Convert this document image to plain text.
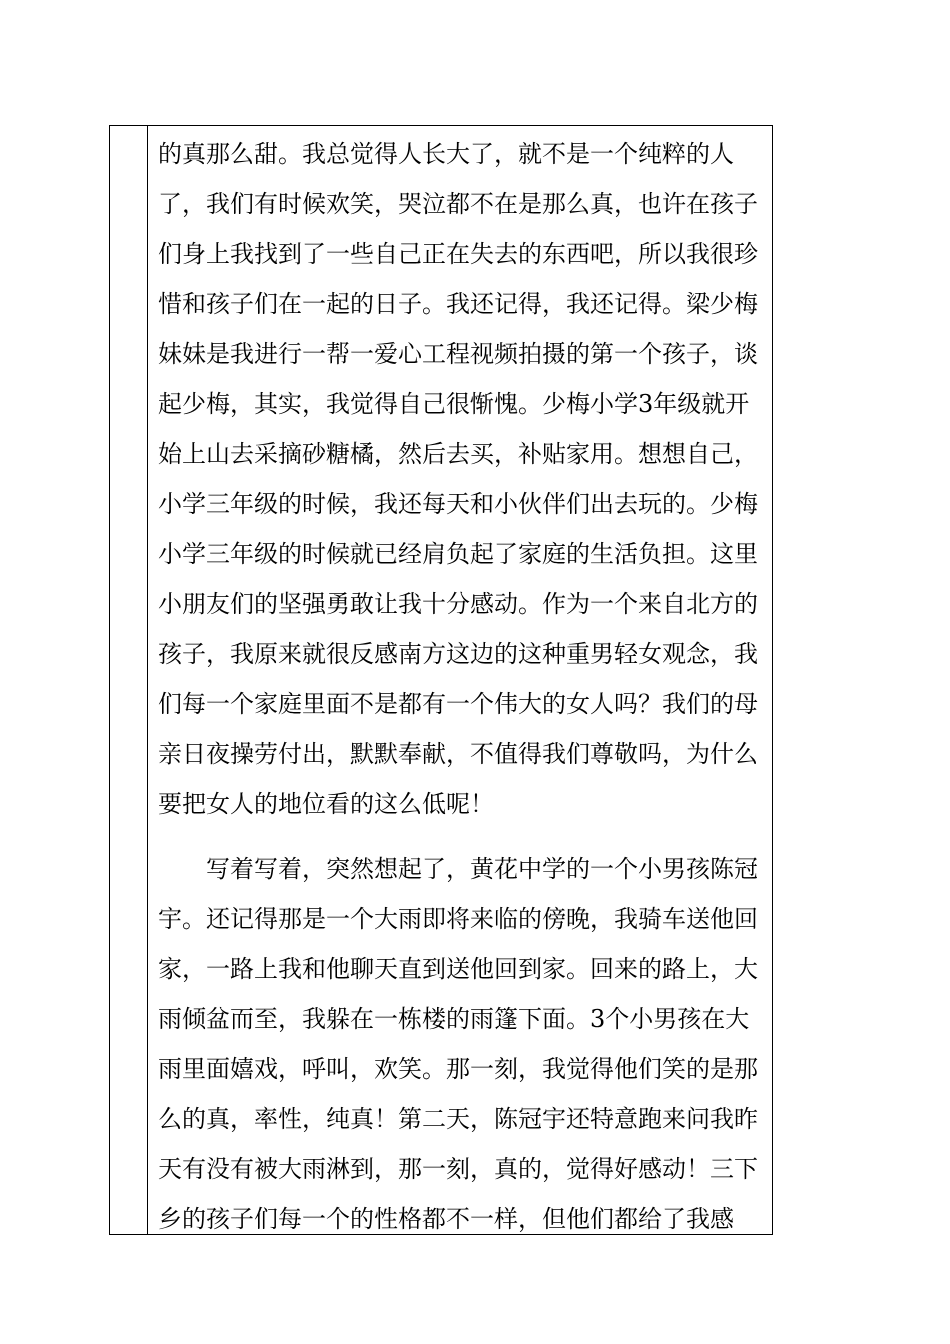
的真那么甜。我总觉得人长大了，就不是一个纯粹的人
了，我们有时候欢笑，哭泣都不在是那么真，也许在孩子
们身上我找到了一些自己正在失去的东西吧，所以我很珍
惜和孩子们在一起的日子。我还记得，我还记得。梁少梅
妹妹是我进行一帮一爱心工程视频拍摄的第一个孩子，谈
起少梅，其实，我觉得自己很惭愧。少梅小学3年级就开
始上山去采摘砂糖橘，然后去买，补贴家用。想想自己，
小学三年级的时候，我还每天和小伙伴们出去玩的。少梅
小学三年级的时候就已经肩负起了家庭的生活负担。这里
小朋友们的坚强勇敢让我十分感动。作为一个来自北方的
孩子，我原来就很反感南方这边的这种重男轻女观念，我
们每一个家庭里面不是都有一个伟大的女人吗？我们的母
亲日夜操劳付出，默默奉献，不值得我们尊敬吗，为什么
要把女人的地位看的这么低呢！
　　写着写着，突然想起了，黄花中学的一个小男孩陈冠
宇。还记得那是一个大雨即将来临的傍晚，我骑车送他回
家，一路上我和他聊天直到送他回到家。回来的路上，大
雨倾盆而至，我躲在一栋楼的雨篷下面。3个小男孩在大
雨里面嬉戏，呼叫，欢笑。那一刻，我觉得他们笑的是那
么的真，率性，纯真！第二天，陈冠宇还特意跑来问我昨
天有没有被大雨淋到，那一刻，真的，觉得好感动！三下
乡的孩子们每一个的性格都不一样，但他们都给了我感
